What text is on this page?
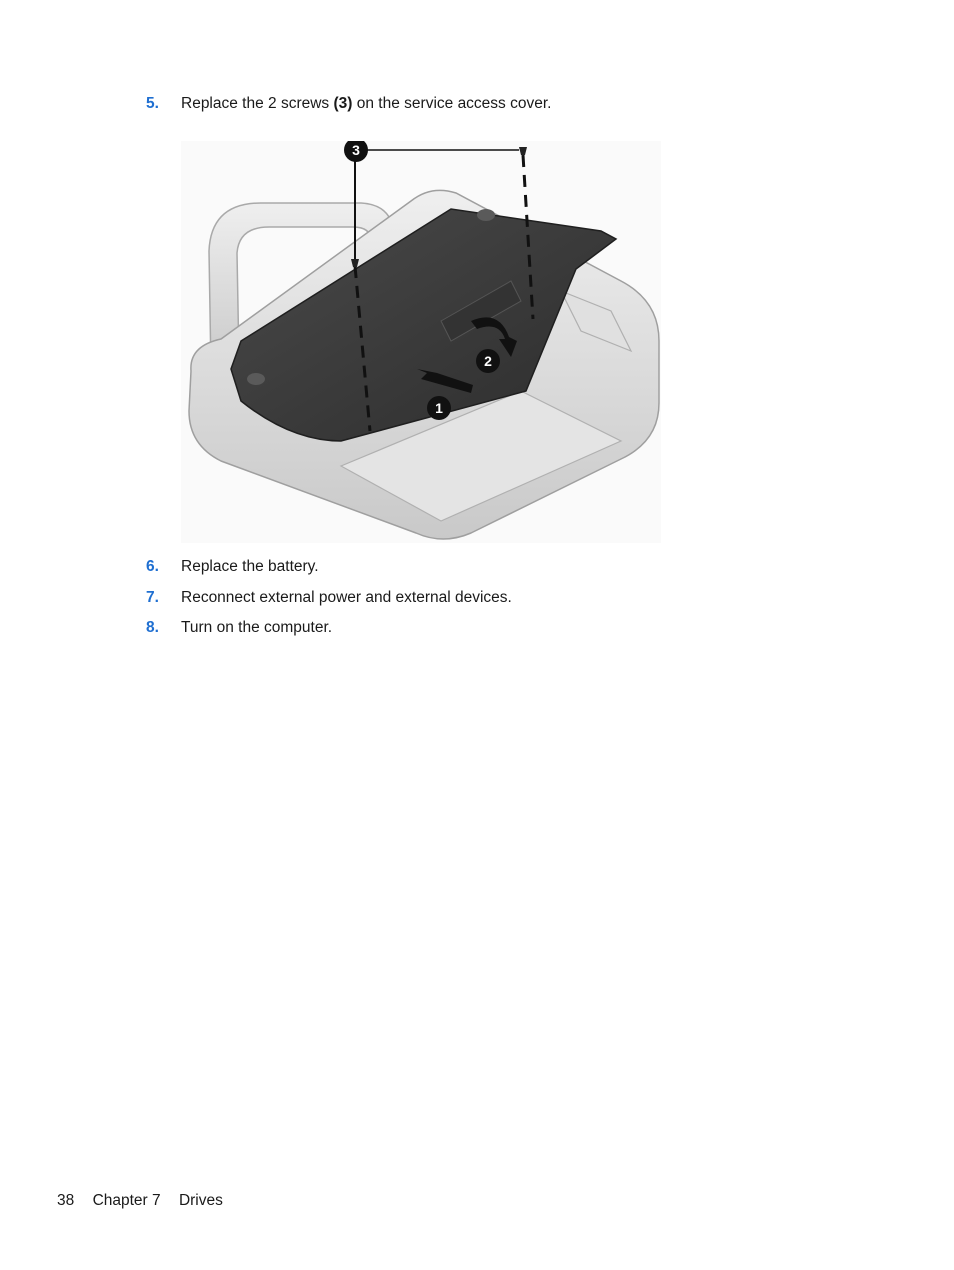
5.	Replace the 2 screws (3) on the service access cover.
1
2
3
6.	Replace the battery.
7.	Reconnect external power and external devices.
8.	Turn on the computer.
38 Chapter 7 Drives
